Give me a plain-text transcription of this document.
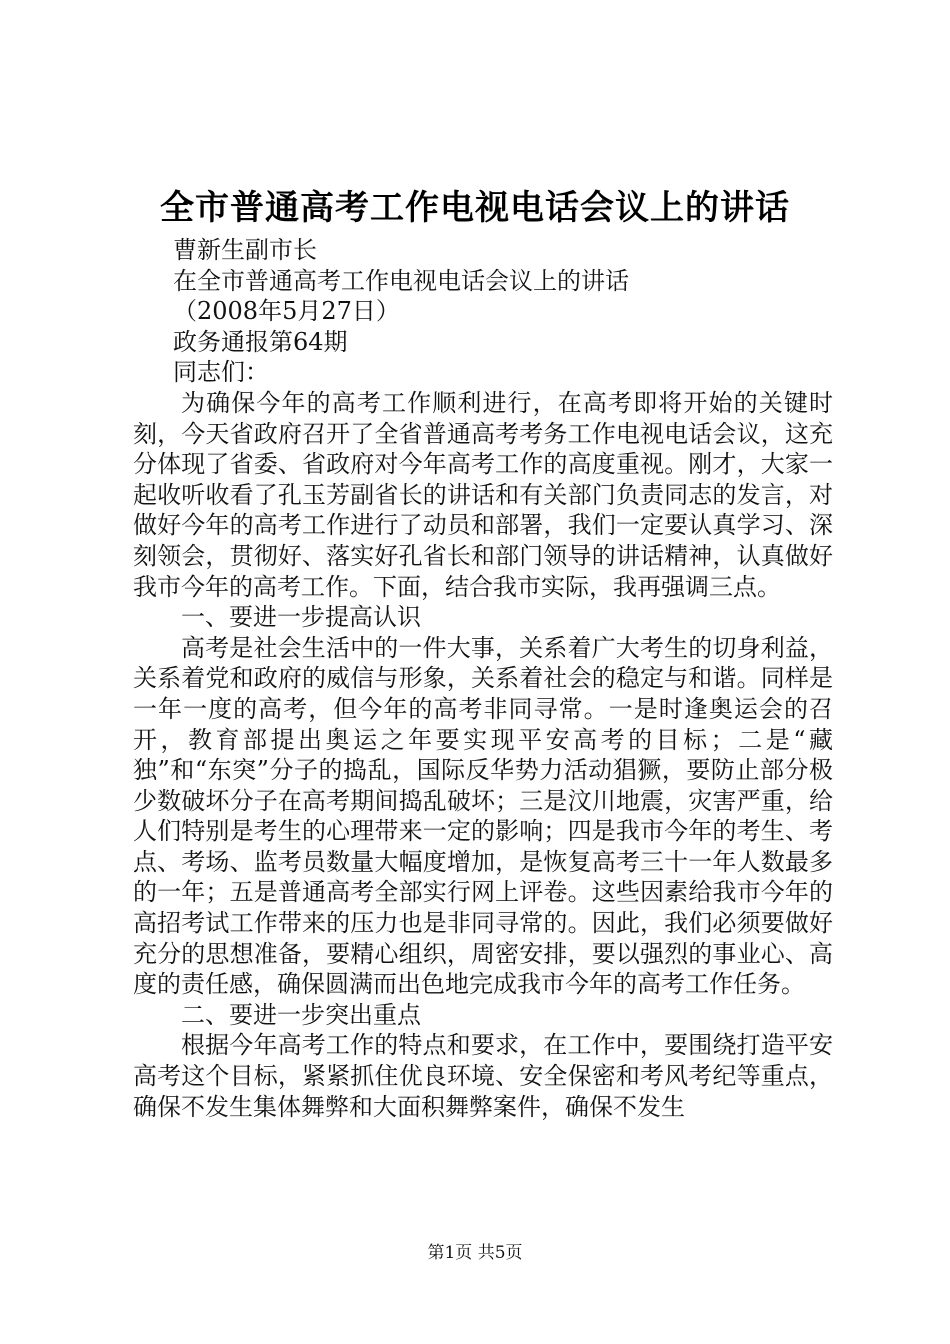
全市普通高考工作电视电话会议上的讲话
曹新生副市长
在全市普通高考工作电视电话会议上的讲话
（2008年5月27日）
政务通报第64期
同志们：

为确保今年的高考工作顺利进行，在高考即将开始的关键时刻，今天省政府召开了全省普通高考考务工作电视电话会议，这充分体现了省委、省政府对今年高考工作的高度重视。刚才，大家一起收听收看了孔玉芳副省长的讲话和有关部门负责同志的发言，对做好今年的高考工作进行了动员和部署，我们一定要认真学习、深刻领会，贯彻好、落实好孔省长和部门领导的讲话精神，认真做好我市今年的高考工作。下面，结合我市实际，我再强调三点。

一、要进一步提高认识

高考是社会生活中的一件大事，关系着广大考生的切身利益，关系着党和政府的威信与形象，关系着社会的稳定与和谐。同样是一年一度的高考，但今年的高考非同寻常。一是时逢奥运会的召开，教育部提出奥运之年要实现平安高考的目标；二是“藏独”和“东突”分子的捣乱，国际反华势力活动猖獗，要防止部分极少数破坏分子在高考期间捣乱破坏；三是汶川地震，灾害严重，给人们特别是考生的心理带来一定的影响；四是我市今年的考生、考点、考场、监考员数量大幅度增加，是恢复高考三十一年人数最多的一年；五是普通高考全部实行网上评卷。这些因素给我市今年的高招考试工作带来的压力也是非同寻常的。因此，我们必须要做好充分的思想准备，要精心组织，周密安排，要以强烈的事业心、高度的责任感，确保圆满而出色地完成我市今年的高考工作任务。

二、要进一步突出重点

根据今年高考工作的特点和要求，在工作中，要围绕打造平安高考这个目标，紧紧抓住优良环境、安全保密和考风考纪等重点，确保不发生集体舞弊和大面积舞弊案件，确保不发生

第1页 共5页
